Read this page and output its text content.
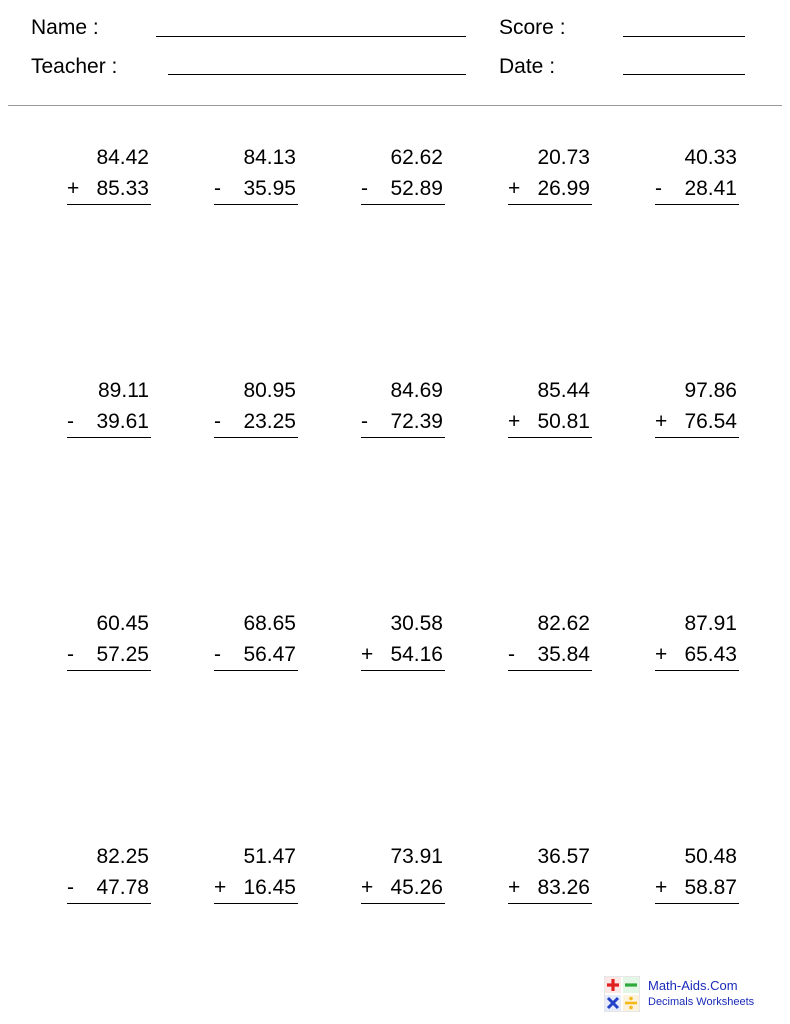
Name :
Teacher :
Score :
Date :
84.42
+ 85.33
84.13
-	35.95
62.62
-	52.89
20.73
+ 26.99
40.33
-	28.41
89.11
-	39.61
80.95
-	23.25
84.69
-	72.39
85.44
+ 50.81
97.86
+ 76.54
60.45
-	57.25
68.65
-	56.47
30.58
+ 54.16
82.62
-	35.84
87.91
+ 65.43
82.25
-	47.78
51.47
+ 16.45
73.91
+ 45.26
36.57
+ 83.26
50.48
+ 58.87
Math-Aids.Com
Decimals Worksheets
